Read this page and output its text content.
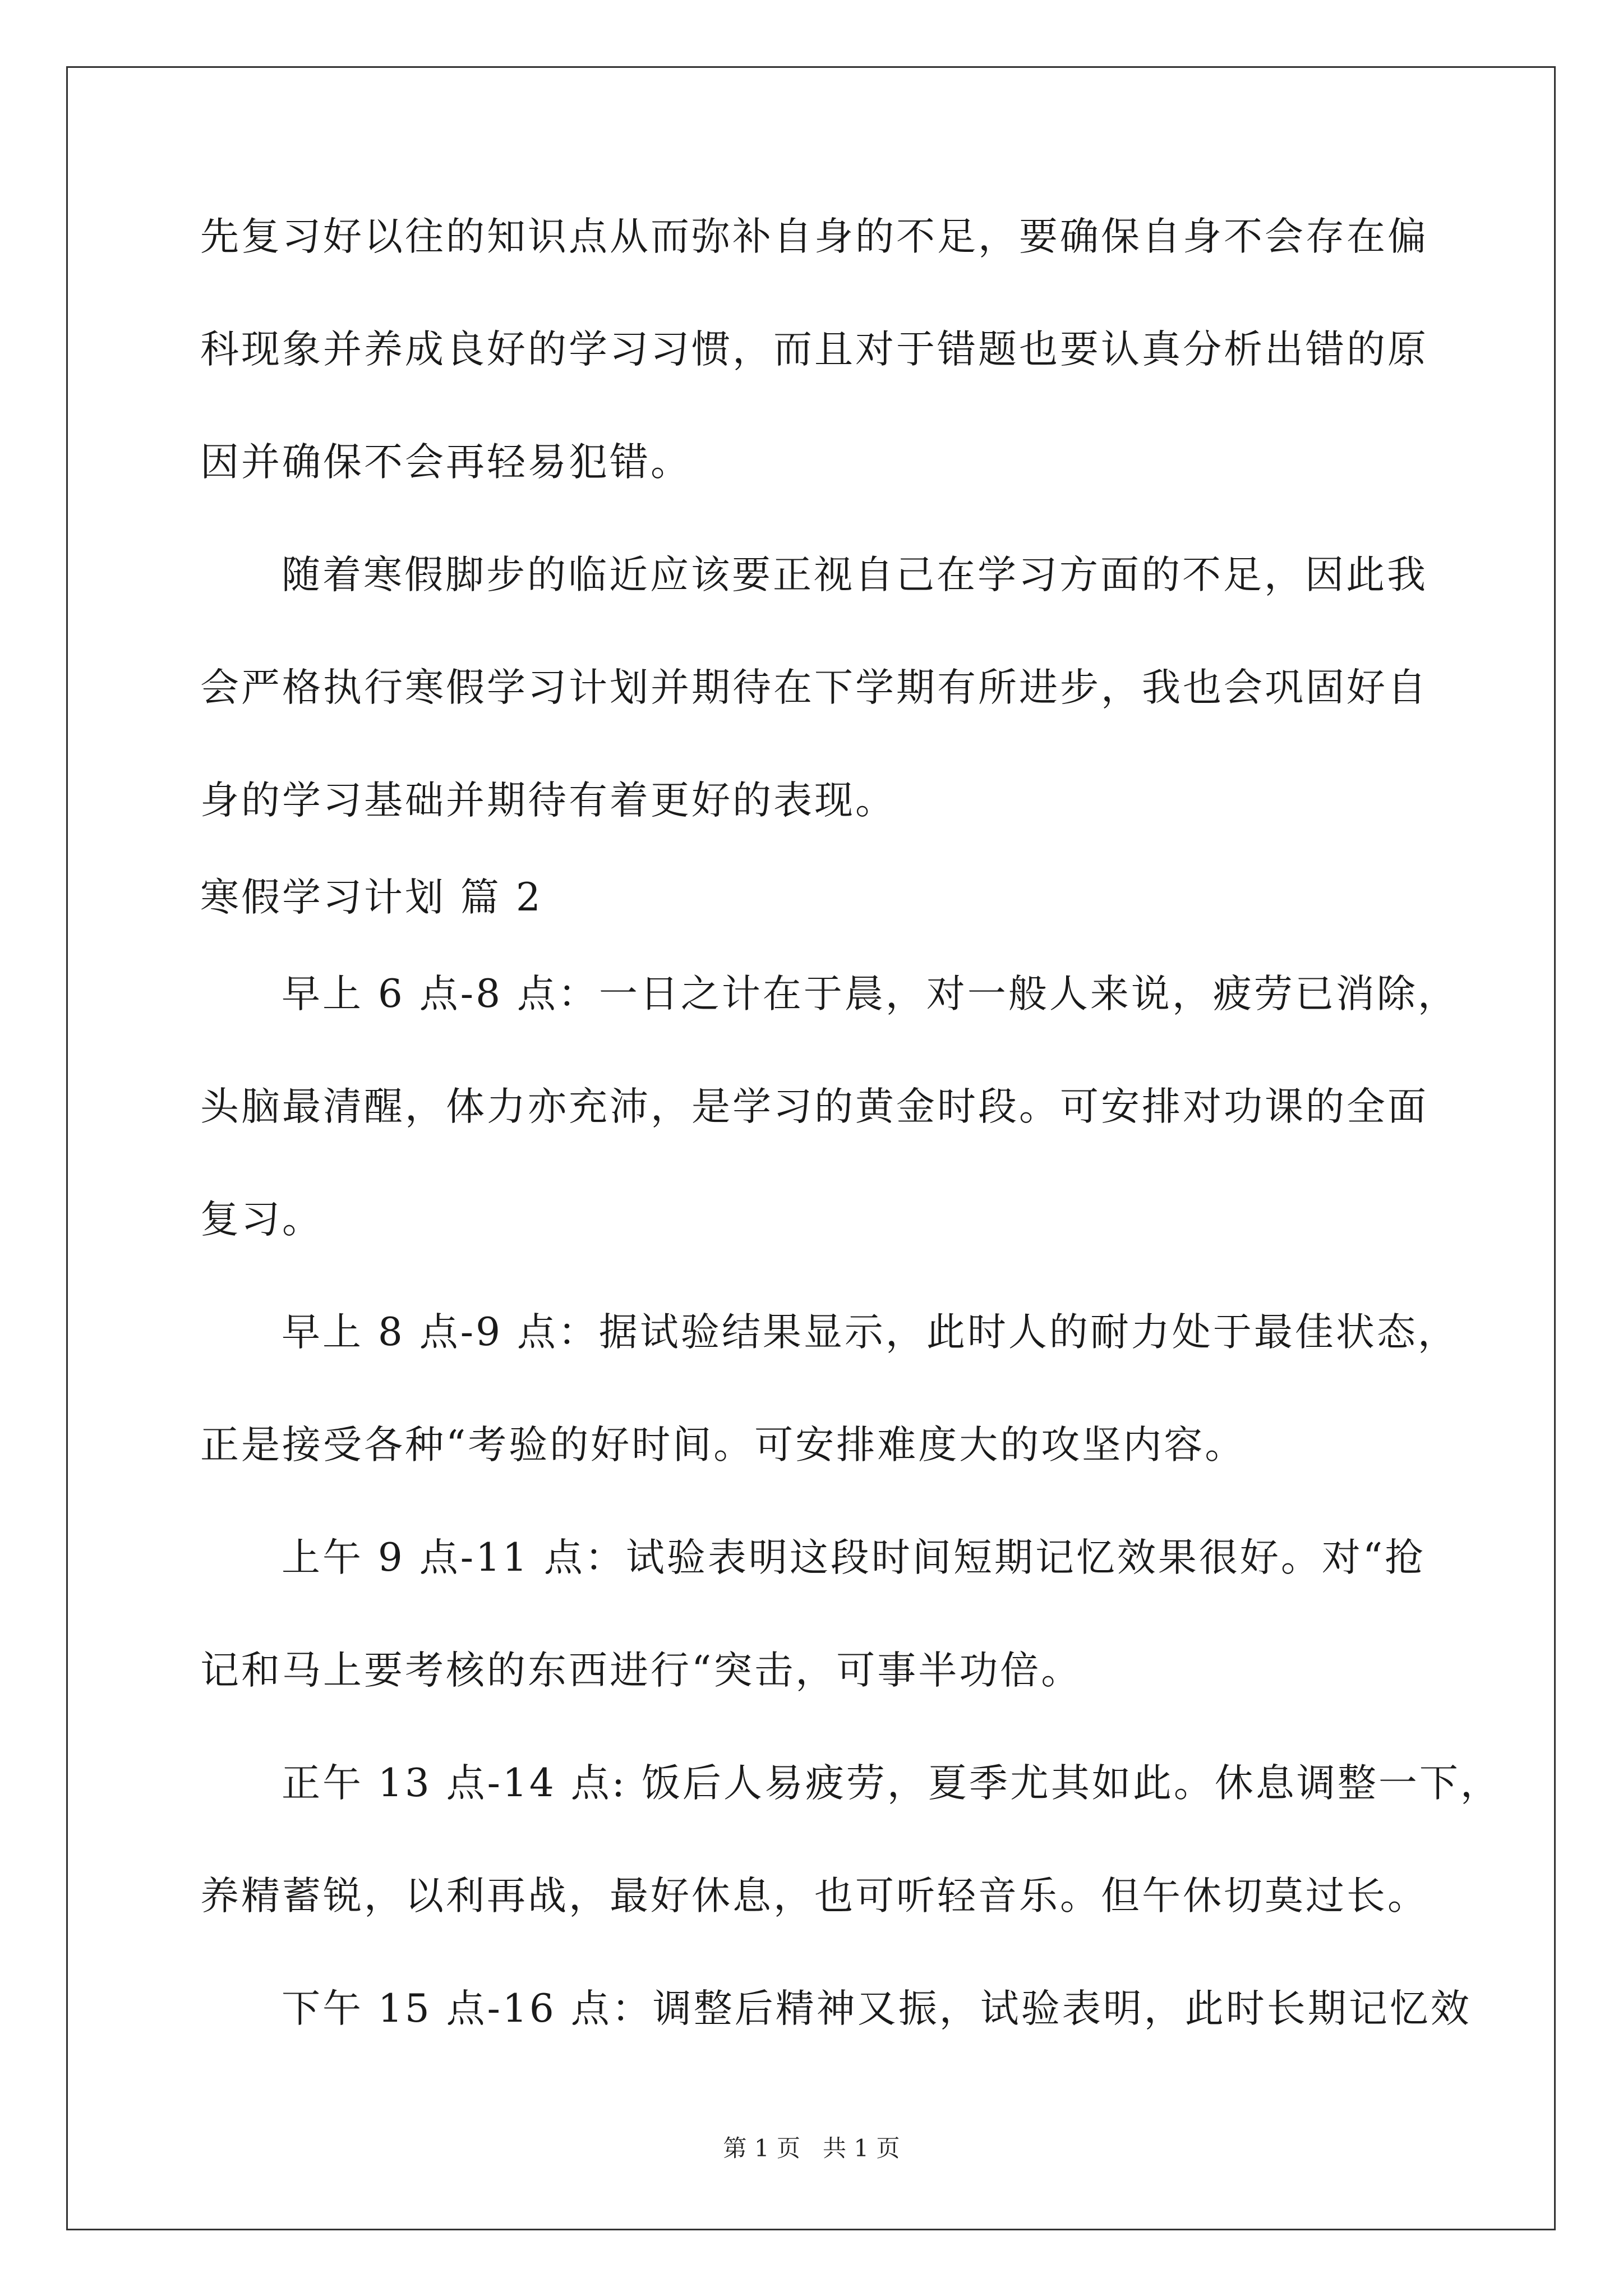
先复习好以往的知识点从而弥补自身的不足，要确保自身不会存在偏
科现象并养成良好的学习习惯，而且对于错题也要认真分析出错的原
因并确保不会再轻易犯错。
随着寒假脚步的临近应该要正视自己在学习方面的不足，因此我
会严格执行寒假学习计划并期待在下学期有所进步，我也会巩固好自
身的学习基础并期待有着更好的表现。
寒假学习计划 篇 2
早上 6 点-8 点：一日之计在于晨，对一般人来说，疲劳已消除，
头脑最清醒，体力亦充沛，是学习的黄金时段。可安排对功课的全面
复习。
早上 8 点-9 点：据试验结果显示，此时人的耐力处于最佳状态，
正是接受各种“考验的好时间。可安排难度大的攻坚内容。
上午 9 点-11 点：试验表明这段时间短期记忆效果很好。对“抢
记和马上要考核的东西进行“突击，可事半功倍。
正午 13 点-14 点: 饭后人易疲劳，夏季尤其如此。休息调整一下，
养精蓄锐，以利再战，最好休息，也可听轻音乐。但午休切莫过长。
下午 15 点-16 点：调整后精神又振，试验表明，此时长期记忆效
第 1 页   共 1 页
